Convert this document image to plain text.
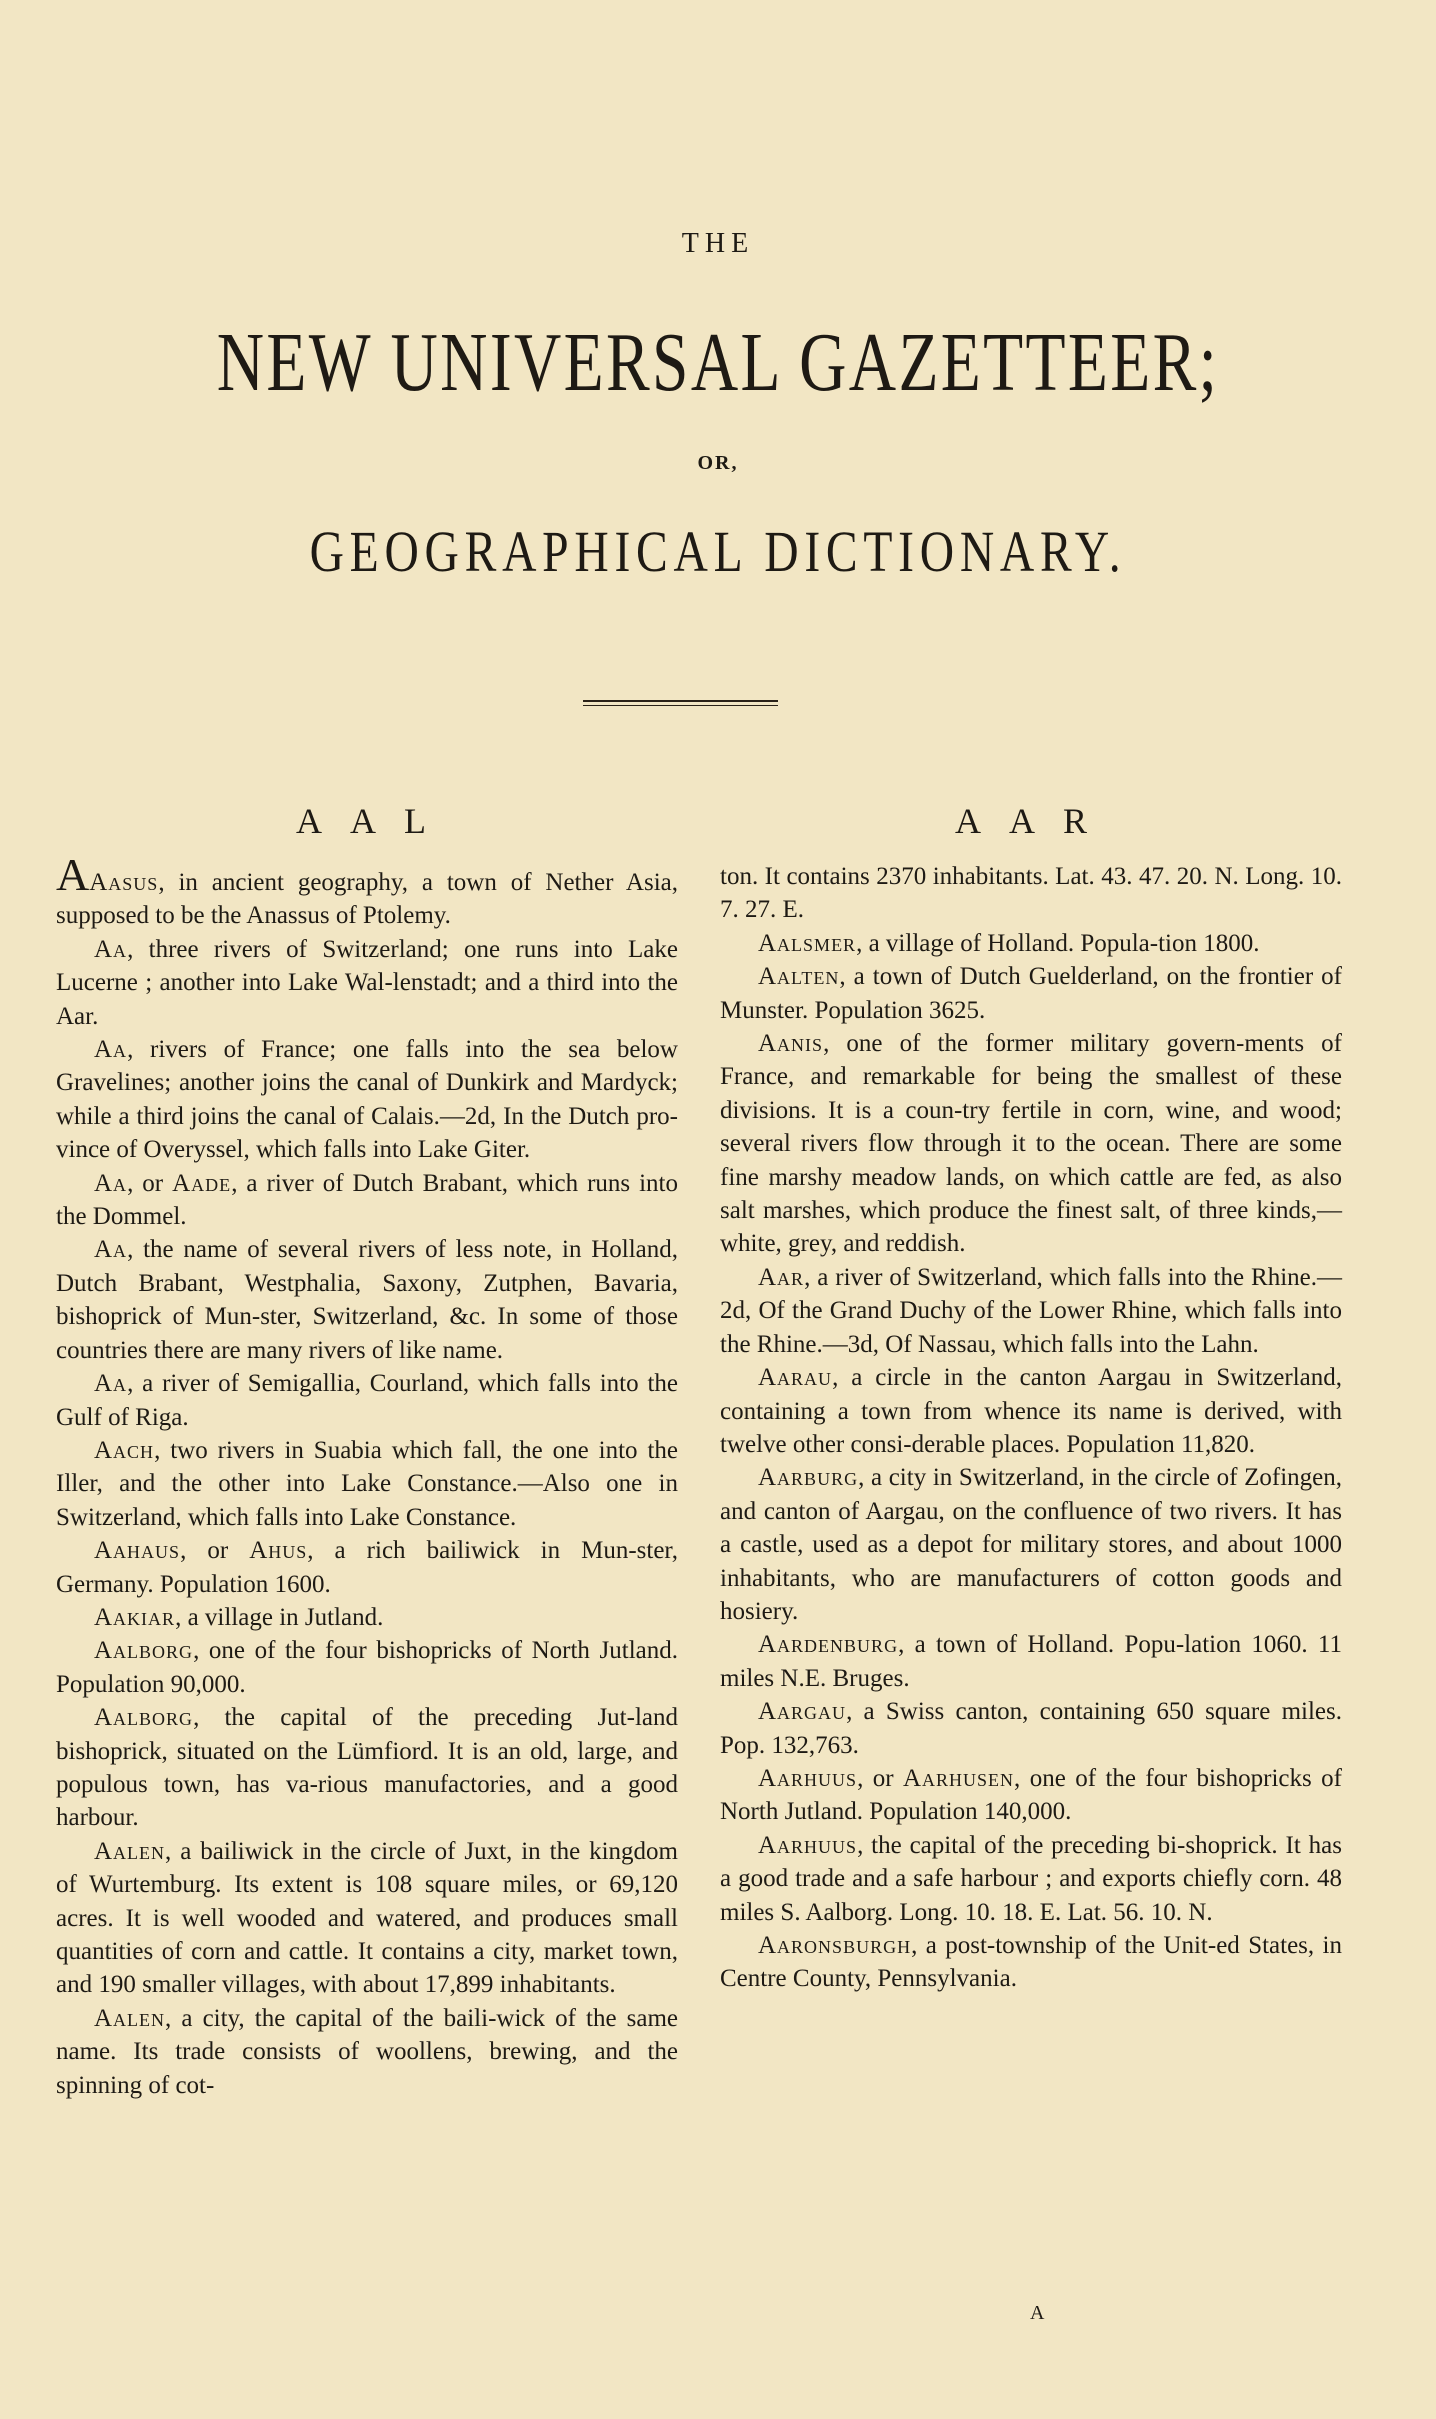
THE
NEW UNIVERSAL GAZETTEER;
OR,
GEOGRAPHICAL DICTIONARY.
AAL	AAR

AAasus, in ancient geography, a town of Nether Asia, supposed to be the Anassus of Ptolemy.

Aa, three rivers of Switzerland; one runs into Lake Lucerne ; another into Lake Wal-lenstadt; and a third into the Aar.

Aa, rivers of France; one falls into the sea below Gravelines; another joins the canal of Dunkirk and Mardyck; while a third joins the canal of Calais.—2d, In the Dutch pro-vince of Overyssel, which falls into Lake Giter.

Aa, or Aade, a river of Dutch Brabant, which runs into the Dommel.

Aa, the name of several rivers of less note, in Holland, Dutch Brabant, Westphalia, Saxony, Zutphen, Bavaria, bishoprick of Mun-ster, Switzerland, &c. In some of those countries there are many rivers of like name.

Aa, a river of Semigallia, Courland, which falls into the Gulf of Riga.

Aach, two rivers in Suabia which fall, the one into the Iller, and the other into Lake Constance.—Also one in Switzerland, which falls into Lake Constance.

Aahaus, or Ahus, a rich bailiwick in Mun-ster, Germany. Population 1600.

Aakiar, a village in Jutland.

Aalborg, one of the four bishopricks of North Jutland. Population 90,000.

Aalborg, the capital of the preceding Jut-land bishoprick, situated on the Lümfiord. It is an old, large, and populous town, has va-rious manufactories, and a good harbour.

Aalen, a bailiwick in the circle of Juxt, in the kingdom of Wurtemburg. Its extent is 108 square miles, or 69,120 acres. It is well wooded and watered, and produces small quantities of corn and cattle. It contains a city, market town, and 190 smaller villages, with about 17,899 inhabitants.

Aalen, a city, the capital of the baili-wick of the same name. Its trade consists of woollens, brewing, and the spinning of cot-

ton. It contains 2370 inhabitants. Lat. 43. 47. 20. N. Long. 10. 7. 27. E.

Aalsmer, a village of Holland. Popula-tion 1800.

Aalten, a town of Dutch Guelderland, on the frontier of Munster. Population 3625.

Aanis, one of the former military govern-ments of France, and remarkable for being the smallest of these divisions. It is a coun-try fertile in corn, wine, and wood; several rivers flow through it to the ocean. There are some fine marshy meadow lands, on which cattle are fed, as also salt marshes, which produce the finest salt, of three kinds,—white, grey, and reddish.

Aar, a river of Switzerland, which falls into the Rhine.—2d, Of the Grand Duchy of the Lower Rhine, which falls into the Rhine.—3d, Of Nassau, which falls into the Lahn.

Aarau, a circle in the canton Aargau in Switzerland, containing a town from whence its name is derived, with twelve other consi-derable places. Population 11,820.

Aarburg, a city in Switzerland, in the circle of Zofingen, and canton of Aargau, on the confluence of two rivers. It has a castle, used as a depot for military stores, and about 1000 inhabitants, who are manufacturers of cotton goods and hosiery.

Aardenburg, a town of Holland. Popu-lation 1060. 11 miles N.E. Bruges.

Aargau, a Swiss canton, containing 650 square miles. Pop. 132,763.

Aarhuus, or Aarhusen, one of the four bishopricks of North Jutland. Population 140,000.

Aarhuus, the capital of the preceding bi-shoprick. It has a good trade and a safe harbour ; and exports chiefly corn. 48 miles S. Aalborg. Long. 10. 18. E. Lat. 56. 10. N.

Aaronsburgh, a post-township of the Unit-ed States, in Centre County, Pennsylvania.

A
